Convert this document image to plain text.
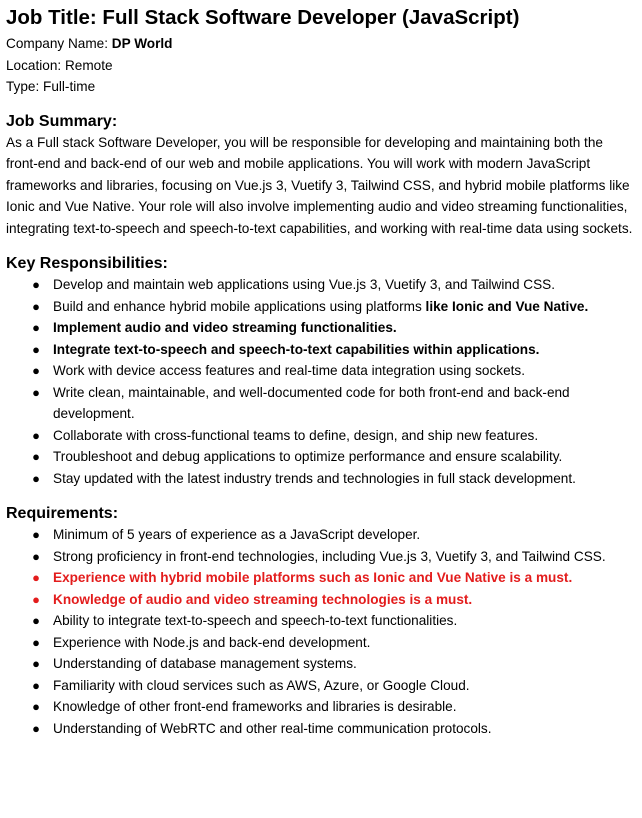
Job Title: Full Stack Software Developer (JavaScript)
Company Name: DP World
Location: Remote
Type: Full-time
Job Summary:

As a Full stack Software Developer, you will be responsible for developing and maintaining both the front-end and back-end of our web and mobile applications. You will work with modern JavaScript frameworks and libraries, focusing on Vue.js 3, Vuetify 3, Tailwind CSS, and hybrid mobile platforms like Ionic and Vue Native. Your role will also involve implementing audio and video streaming functionalities, integrating text-to-speech and speech-to-text capabilities, and working with real-time data using sockets.

Key Responsibilities:
● Develop and maintain web applications using Vue.js 3, Vuetify 3, and Tailwind CSS.
● Build and enhance hybrid mobile applications using platforms like Ionic and Vue Native.
● Implement audio and video streaming functionalities.
● Integrate text-to-speech and speech-to-text capabilities within applications.
● Work with device access features and real-time data integration using sockets.
● Write clean, maintainable, and well-documented code for both front-end and back-end development.
● Collaborate with cross-functional teams to define, design, and ship new features.
● Troubleshoot and debug applications to optimize performance and ensure scalability.
● Stay updated with the latest industry trends and technologies in full stack development.
Requirements:
● Minimum of 5 years of experience as a JavaScript developer.
● Strong proficiency in front-end technologies, including Vue.js 3, Vuetify 3, and Tailwind CSS.
● Experience with hybrid mobile platforms such as Ionic and Vue Native is a must.
● Knowledge of audio and video streaming technologies is a must.
● Ability to integrate text-to-speech and speech-to-text functionalities.
● Experience with Node.js and back-end development.
● Understanding of database management systems.
● Familiarity with cloud services such as AWS, Azure, or Google Cloud.
● Knowledge of other front-end frameworks and libraries is desirable.
● Understanding of WebRTC and other real-time communication protocols.
